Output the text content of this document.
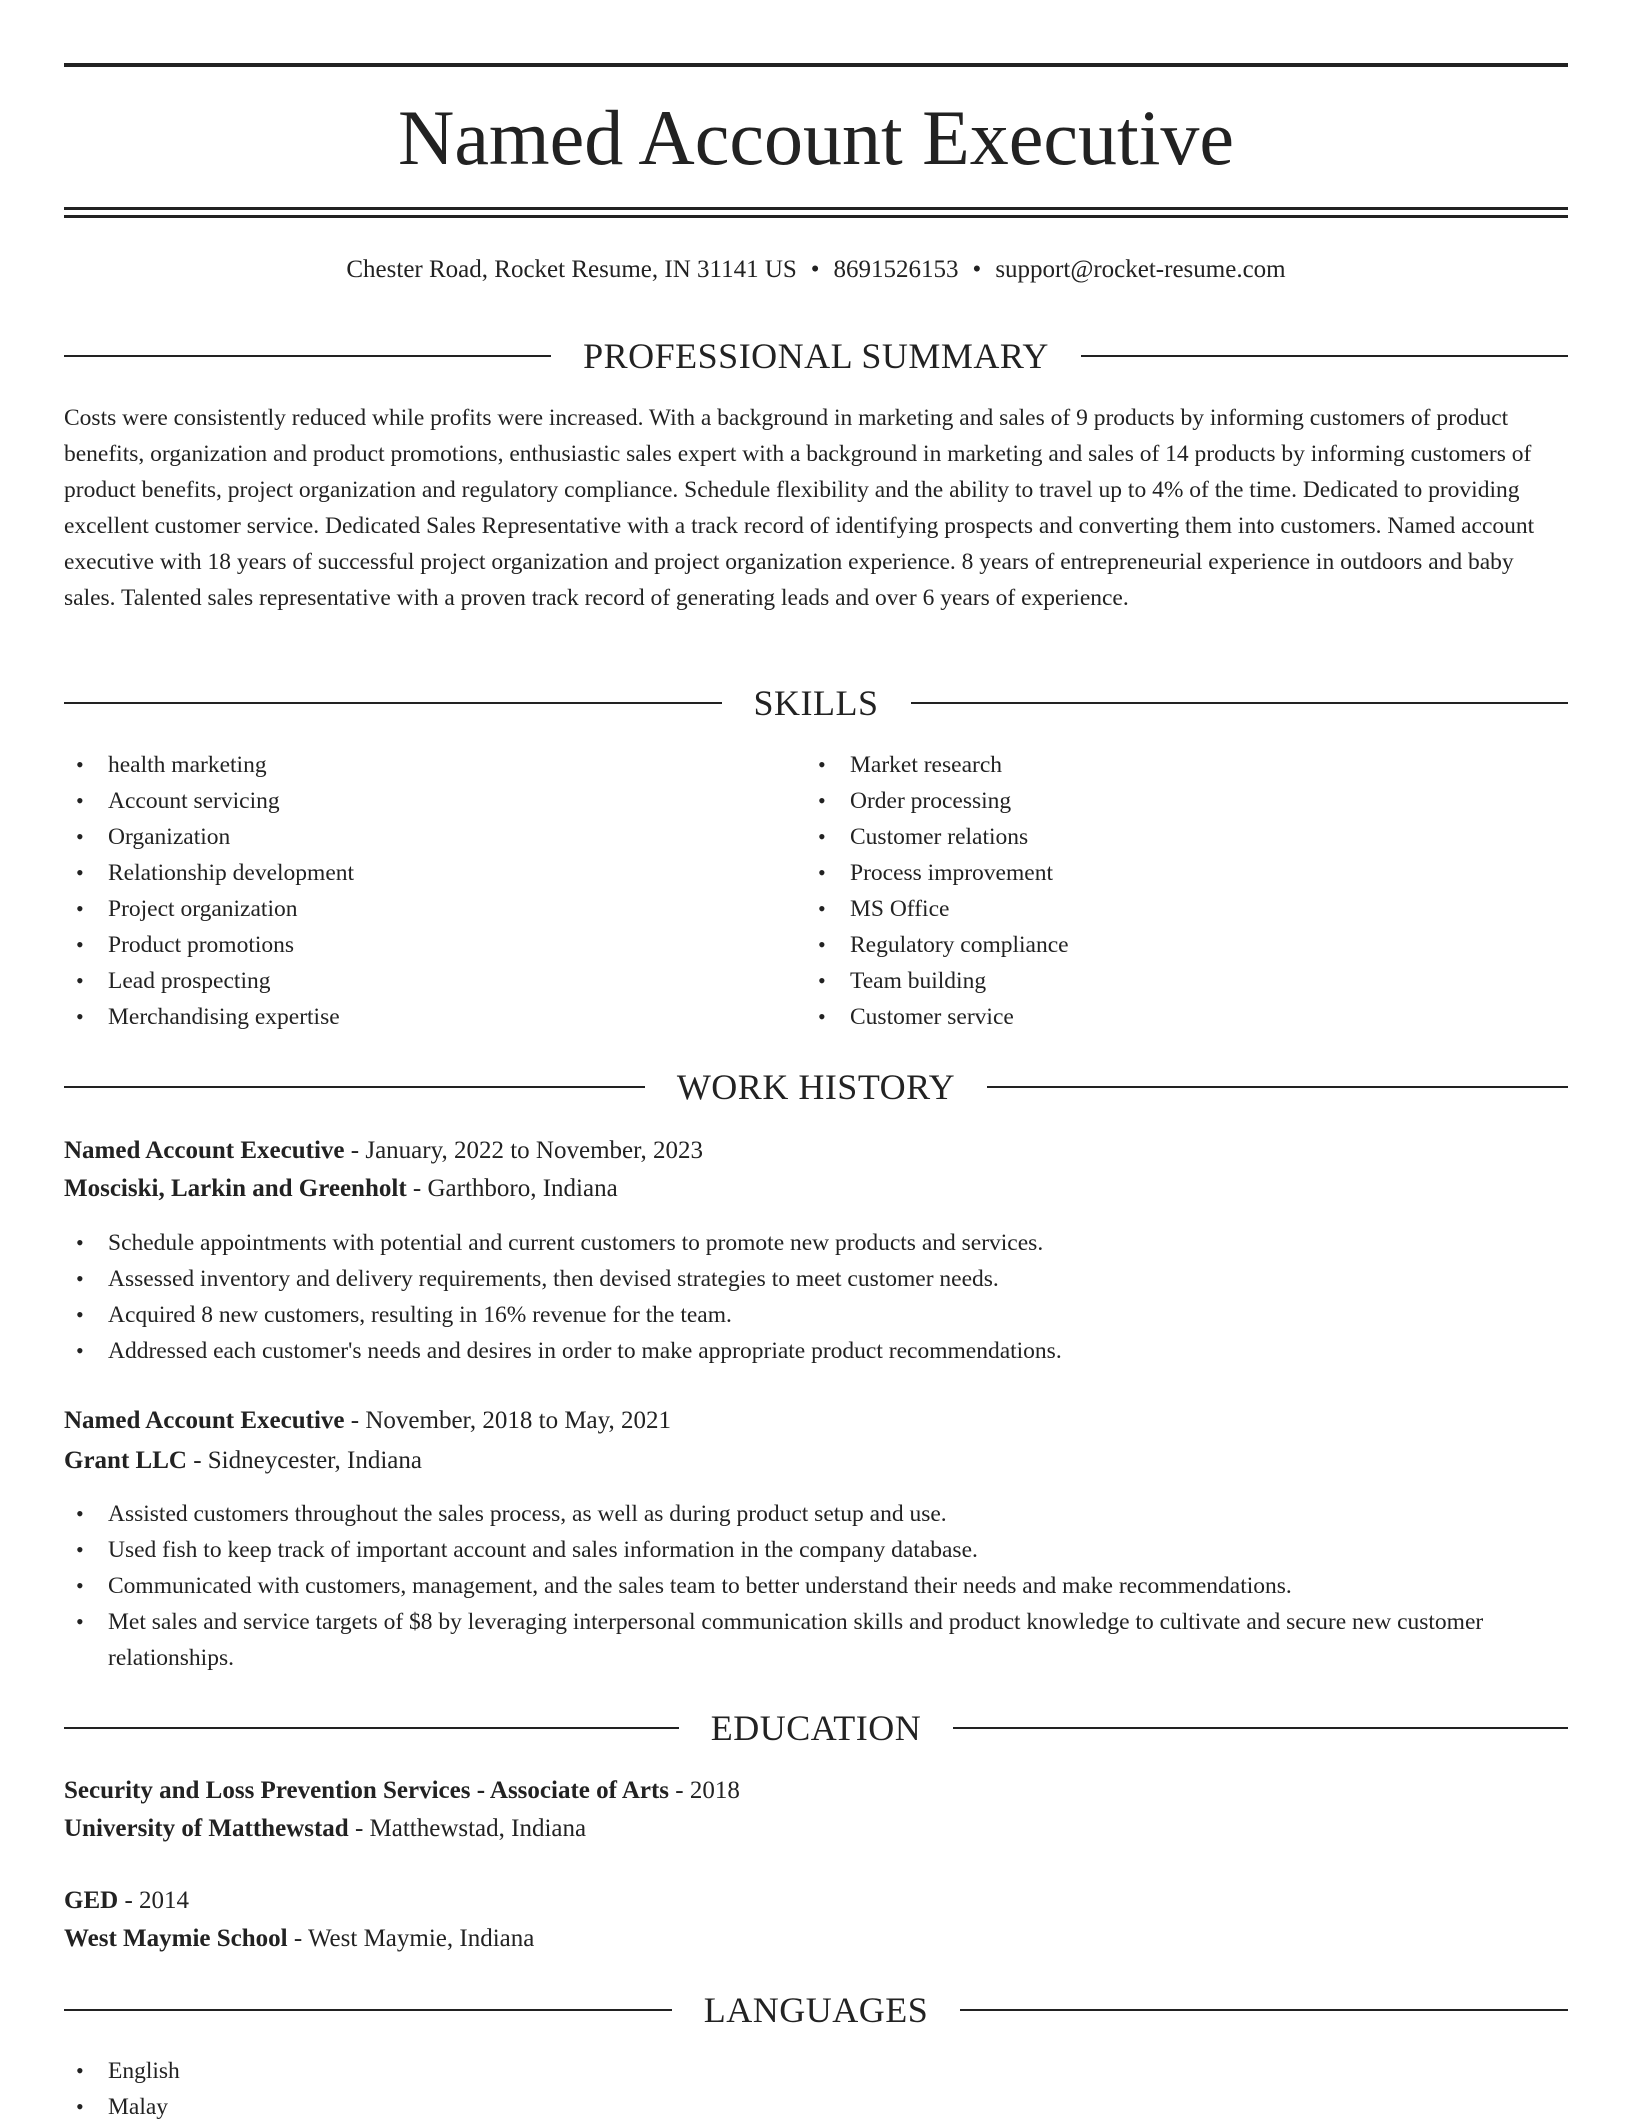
Named Account Executive
Chester Road, Rocket Resume, IN 31141 US • 8691526153 • support@rocket-resume.com
PROFESSIONAL SUMMARY

Costs were consistently reduced while profits were increased. With a background in marketing and sales of 9 products by informing customers of product benefits, organization and product promotions, enthusiastic sales expert with a background in marketing and sales of 14 products by informing customers of product benefits, project organization and regulatory compliance. Schedule flexibility and the ability to travel up to 4% of the time. Dedicated to providing excellent customer service. Dedicated Sales Representative with a track record of identifying prospects and converting them into customers. Named account executive with 18 years of successful project organization and project organization experience. 8 years of entrepreneurial experience in outdoors and baby sales. Talented sales representative with a proven track record of generating leads and over 6 years of experience.

SKILLS
• health marketing
• Account servicing
• Organization
• Relationship development
• Project organization
• Product promotions
• Lead prospecting
• Merchandising expertise
• Market research
• Order processing
• Customer relations
• Process improvement
• MS Office
• Regulatory compliance
• Team building
• Customer service
WORK HISTORY
Named Account Executive - January, 2022 to November, 2023
Mosciski, Larkin and Greenholt - Garthboro, Indiana
• Schedule appointments with potential and current customers to promote new products and services.
• Assessed inventory and delivery requirements, then devised strategies to meet customer needs.
• Acquired 8 new customers, resulting in 16% revenue for the team.
• Addressed each customer's needs and desires in order to make appropriate product recommendations.
Named Account Executive - November, 2018 to May, 2021
Grant LLC - Sidneycester, Indiana
• Assisted customers throughout the sales process, as well as during product setup and use.
• Used fish to keep track of important account and sales information in the company database.
• Communicated with customers, management, and the sales team to better understand their needs and make recommendations.
• Met sales and service targets of $8 by leveraging interpersonal communication skills and product knowledge to cultivate and secure new customer relationships.
EDUCATION
Security and Loss Prevention Services - Associate of Arts - 2018
University of Matthewstad - Matthewstad, Indiana
GED - 2014
West Maymie School - West Maymie, Indiana
LANGUAGES
• English
• Malay
